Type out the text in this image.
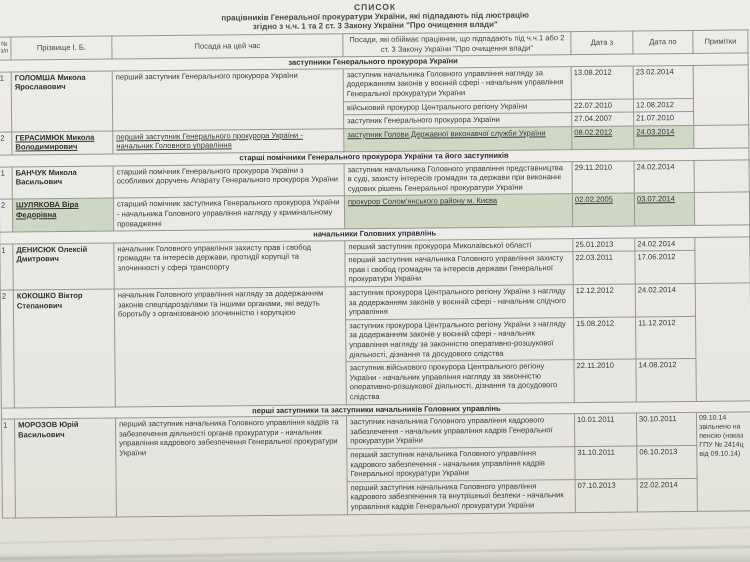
СПИСОК
працівників Генеральної прокуратури України, які підпадають під люстрацію
згідно з ч.ч. 1 та 2 ст. 3 Закону України "Про очищення влади"
№ з/п	Прізвище І. Б.	Посада на цей час	Посади, які обіймає працівник, що підпадають під ч.ч.1 або 2 ст. 3 Закону України "Про очищення влади"	Дата з	Дата по	Примітки
заступники Генерального прокурора України						
1	ГОЛОМША Микола Ярославович	перший заступник Генерального прокурора України	заступник начальника Головного управління нагляду за додержанням законів у воєнній сфері - начальник управління Генеральної прокуратури України	13.08.2012	23.02.2014	
			військовий прокурор Центрального регіону України	22.07.2010	12.08.2012	
			заступник Генерального прокурора України	27.04.2007	21.07.2010	
2	ГЕРАСИМЮК Микола Володимирович	перший заступник Генерального прокурора України - начальник Головного управління	заступник Голови Державної виконавчої служби України	08.02.2012	24.03.2014	
старші помічники Генерального прокурора України та його заступників						
1	БАНЧУК Микола Васильович	старший помічник Генерального прокурора України з особливих доручень Апарату Генерального прокурора України	заступник начальника Головного управління представництва в суді, захисту інтересів громадян та держави при виконанні судових рішень Генеральної прокуратури України	29.11.2010	24.02.2014	
2	ШУЛЯКОВА Віра Федорівна	старший помічник заступника Генерального прокурора України - начальника Головного управління нагляду у кримінальному провадженні	прокурор Солом'янського району м. Києва	02.02.2005	03.07.2014	
начальники Головних управлінь						
1	ДЕНИСЮК Олексій Дмитрович	начальник Головного управління захисту прав і свобод громадян та інтересів держави, протидії корупції та злочинності у сфері транспорту	перший заступник прокурора Миколаївської області	25.01.2013	24.02.2014	
			перший заступник начальника Головного управління захисту прав і свобод громадян та інтересів держави Генеральної прокуратури України	22.03.2011	17.06.2012	
2	КОКОШКО Віктор Степанович	начальник Головного управління нагляду за додержанням законів спецпідрозділами та іншими органами, які ведуть боротьбу з організованою злочинністю і корупцією	заступник прокурора Центрального регіону України з нагляду за додержанням законів у воєнній сфері - начальник слідчого управління	12.12.2012	24.02.2014	
			заступник прокурора Центрального регіону України з нагляду за додержанням законів у воєнній сфері - начальник управління нагляду за законністю оперативно-розшукової діяльності, дізнання та досудового слідства	15.08.2012	11.12.2012	
			заступник військового прокурора Центрального регіону України - начальник управління нагляду за законністю оперативно-розшукової діяльності, дізнання та досудового слідства	22.11.2010	14.08.2012	
перші заступники та заступники начальників Головних управлінь						
1	МОРОЗОВ Юрій Васильович	перший заступник начальника Головного управління кадрів та забезпечення діяльності органів прокуратури - начальник управління кадрового забезпечення Генеральної прокуратури України	заступник начальника Головного управління кадрового забезпечення - начальник управління кадрів Генеральної прокуратури України	10.01.2011	30.10.2011	09.10.14 звільнено на пенсію (наказ ГПУ № 2414ц від 09.10.14)
			перший заступник начальника Головного управління кадрового забезпечення - начальник управління кадрів Генеральної прокуратури України	31.10.2011	06.10.2013	
			перший заступник начальника Головного управління кадрового забезпечення та внутрішньої безпеки - начальник управління кадрів Генеральної прокуратури України	07.10.2013	22.02.2014	
